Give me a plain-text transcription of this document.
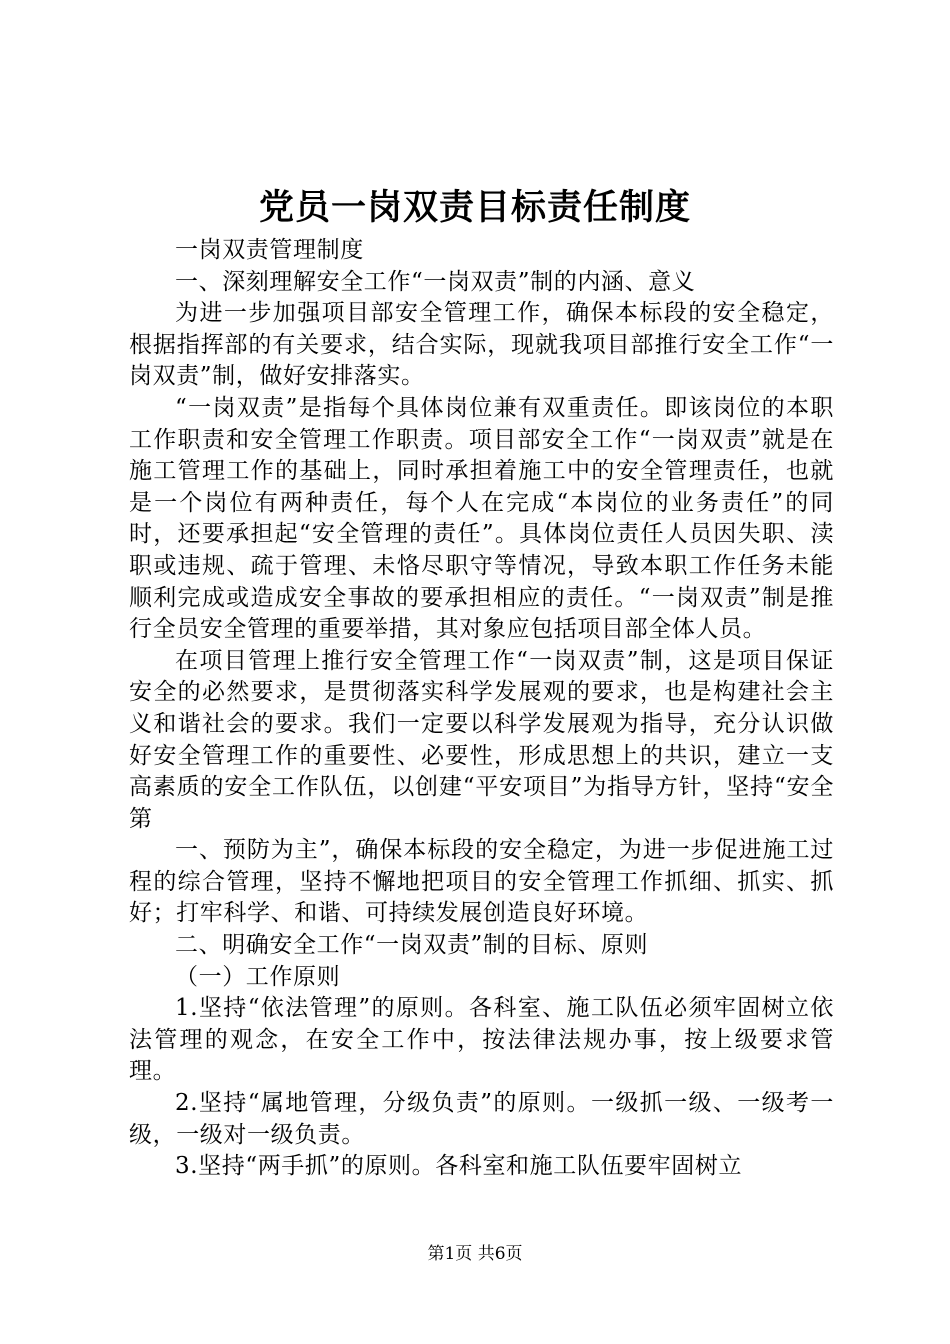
党员一岗双责目标责任制度

一岗双责管理制度

一、深刻理解安全工作“一岗双责”制的内涵、意义

为进一步加强项目部安全管理工作，确保本标段的安全稳定，根据指挥部的有关要求，结合实际，现就我项目部推行安全工作“一岗双责”制，做好安排落实。

“一岗双责”是指每个具体岗位兼有双重责任。即该岗位的本职工作职责和安全管理工作职责。项目部安全工作“一岗双责”就是在施工管理工作的基础上，同时承担着施工中的安全管理责任，也就是一个岗位有两种责任，每个人在完成“本岗位的业务责任”的同时，还要承担起“安全管理的责任”。具体岗位责任人员因失职、渎职或违规、疏于管理、未恪尽职守等情况，导致本职工作任务未能顺利完成或造成安全事故的要承担相应的责任。“一岗双责”制是推行全员安全管理的重要举措，其对象应包括项目部全体人员。

在项目管理上推行安全管理工作“一岗双责”制，这是项目保证安全的必然要求，是贯彻落实科学发展观的要求，也是构建社会主义和谐社会的要求。我们一定要以科学发展观为指导，充分认识做好安全管理工作的重要性、必要性，形成思想上的共识，建立一支高素质的安全工作队伍，以创建“平安项目”为指导方针，坚持“安全第

一、预防为主”，确保本标段的安全稳定，为进一步促进施工过程的综合管理，坚持不懈地把项目的安全管理工作抓细、抓实、抓好；打牢科学、和谐、可持续发展创造良好环境。

二、明确安全工作“一岗双责”制的目标、原则

（一）工作原则

1.坚持“依法管理”的原则。各科室、施工队伍必须牢固树立依法管理的观念，在安全工作中，按法律法规办事，按上级要求管理。

2.坚持“属地管理，分级负责”的原则。一级抓一级、一级考一级，一级对一级负责。

3.坚持“两手抓”的原则。各科室和施工队伍要牢固树立

第1页 共6页
